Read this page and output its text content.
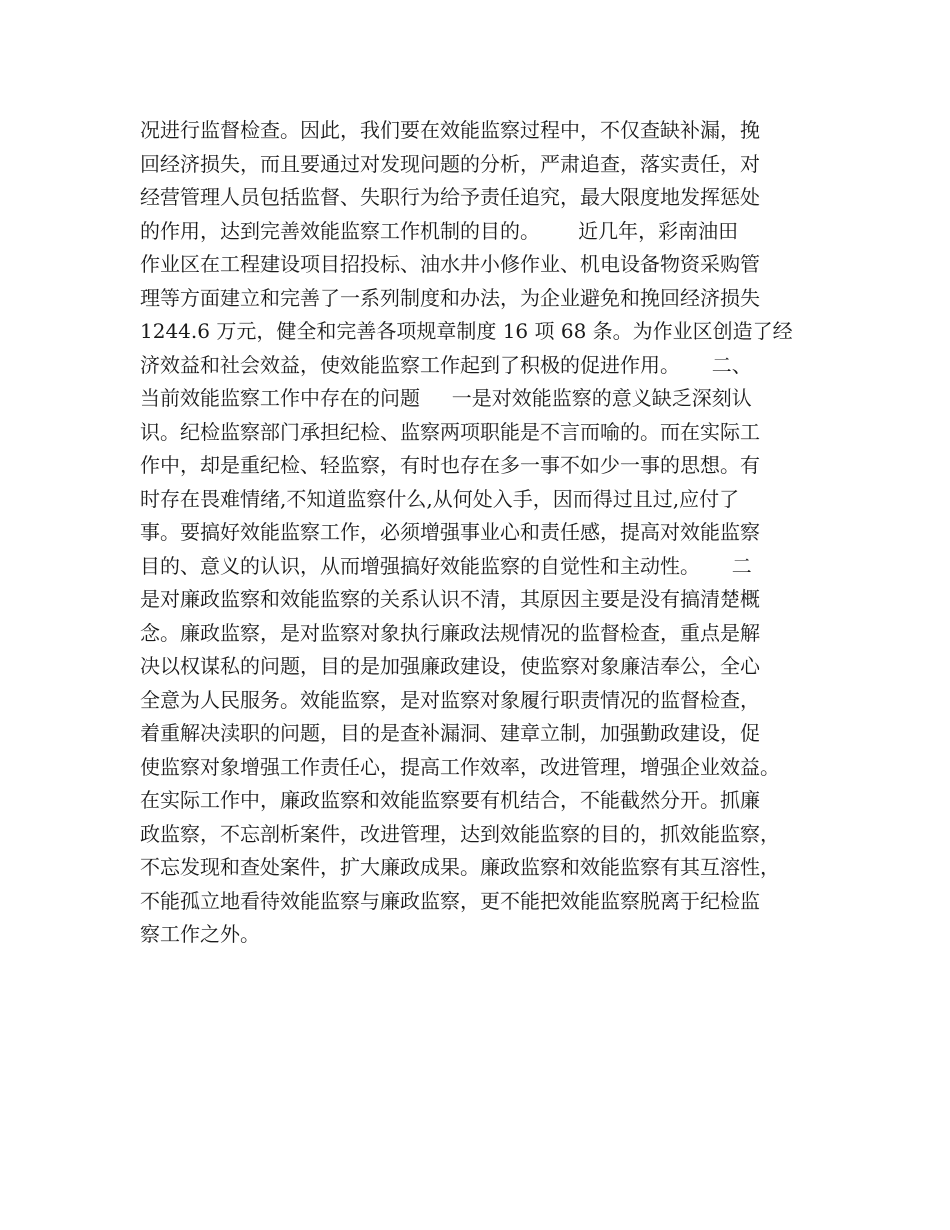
况进行监督检查。因此，我们要在效能监察过程中，不仅查缺补漏，挽
回经济损失，而且要通过对发现问题的分析，严肃追查，落实责任，对
经营管理人员包括监督、失职行为给予责任追究，最大限度地发挥惩处
的作用，达到完善效能监察工作机制的目的。      近几年，彩南油田
作业区在工程建设项目招投标、油水井小修作业、机电设备物资采购管
理等方面建立和完善了一系列制度和办法，为企业避免和挽回经济损失
1244.6 万元，健全和完善各项规章制度 16 项 68 条。为作业区创造了经
济效益和社会效益，使效能监察工作起到了积极的促进作用。     二、
当前效能监察工作中存在的问题     一是对效能监察的意义缺乏深刻认
识。纪检监察部门承担纪检、监察两项职能是不言而喻的。而在实际工
作中，却是重纪检、轻监察，有时也存在多一事不如少一事的思想。有
时存在畏难情绪,不知道监察什么,从何处入手，因而得过且过,应付了
事。要搞好效能监察工作，必须增强事业心和责任感，提高对效能监察
目的、意义的认识，从而增强搞好效能监察的自觉性和主动性。     二
是对廉政监察和效能监察的关系认识不清，其原因主要是没有搞清楚概
念。廉政监察，是对监察对象执行廉政法规情况的监督检查，重点是解
决以权谋私的问题，目的是加强廉政建设，使监察对象廉洁奉公，全心
全意为人民服务。效能监察，是对监察对象履行职责情况的监督检查，
着重解决渎职的问题，目的是查补漏洞、建章立制，加强勤政建设，促
使监察对象增强工作责任心，提高工作效率，改进管理，增强企业效益。
在实际工作中，廉政监察和效能监察要有机结合，不能截然分开。抓廉
政监察，不忘剖析案件，改进管理，达到效能监察的目的，抓效能监察，
不忘发现和查处案件，扩大廉政成果。廉政监察和效能监察有其互溶性，
不能孤立地看待效能监察与廉政监察，更不能把效能监察脱离于纪检监
察工作之外。
